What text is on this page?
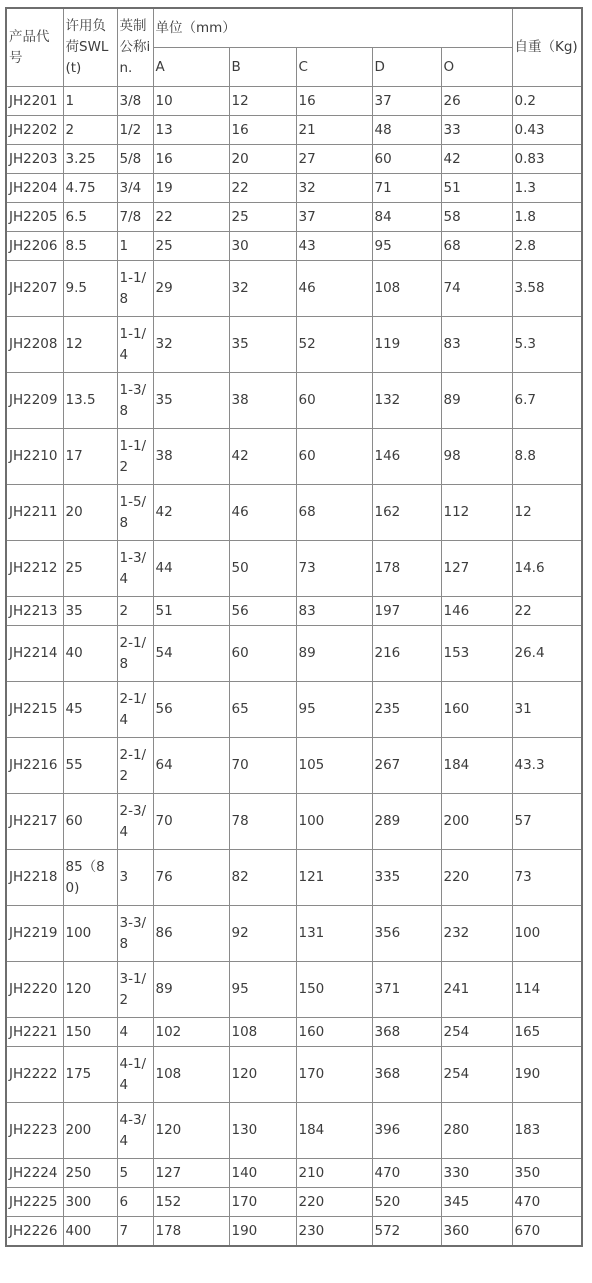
产品代号	许用负荷SWL(t)	英制公称in.	单位（mm）					自重（Kg)
			A	B	C	D	O	
JH2201	1	3/8	10	12	16	37	26	0.2
JH2202	2	1/2	13	16	21	48	33	0.43
JH2203	3.25	5/8	16	20	27	60	42	0.83
JH2204	4.75	3/4	19	22	32	71	51	1.3
JH2205	6.5	7/8	22	25	37	84	58	1.8
JH2206	8.5	1	25	30	43	95	68	2.8
JH2207	9.5	1-1/8	29	32	46	108	74	3.58
JH2208	12	1-1/4	32	35	52	119	83	5.3
JH2209	13.5	1-3/8	35	38	60	132	89	6.7
JH2210	17	1-1/2	38	42	60	146	98	8.8
JH2211	20	1-5/8	42	46	68	162	112	12
JH2212	25	1-3/4	44	50	73	178	127	14.6
JH2213	35	2	51	56	83	197	146	22
JH2214	40	2-1/8	54	60	89	216	153	26.4
JH2215	45	2-1/4	56	65	95	235	160	31
JH2216	55	2-1/2	64	70	105	267	184	43.3
JH2217	60	2-3/4	70	78	100	289	200	57
JH2218	85（80)	3	76	82	121	335	220	73
JH2219	100	3-3/8	86	92	131	356	232	100
JH2220	120	3-1/2	89	95	150	371	241	114
JH2221	150	4	102	108	160	368	254	165
JH2222	175	4-1/4	108	120	170	368	254	190
JH2223	200	4-3/4	120	130	184	396	280	183
JH2224	250	5	127	140	210	470	330	350
JH2225	300	6	152	170	220	520	345	470
JH2226	400	7	178	190	230	572	360	670
